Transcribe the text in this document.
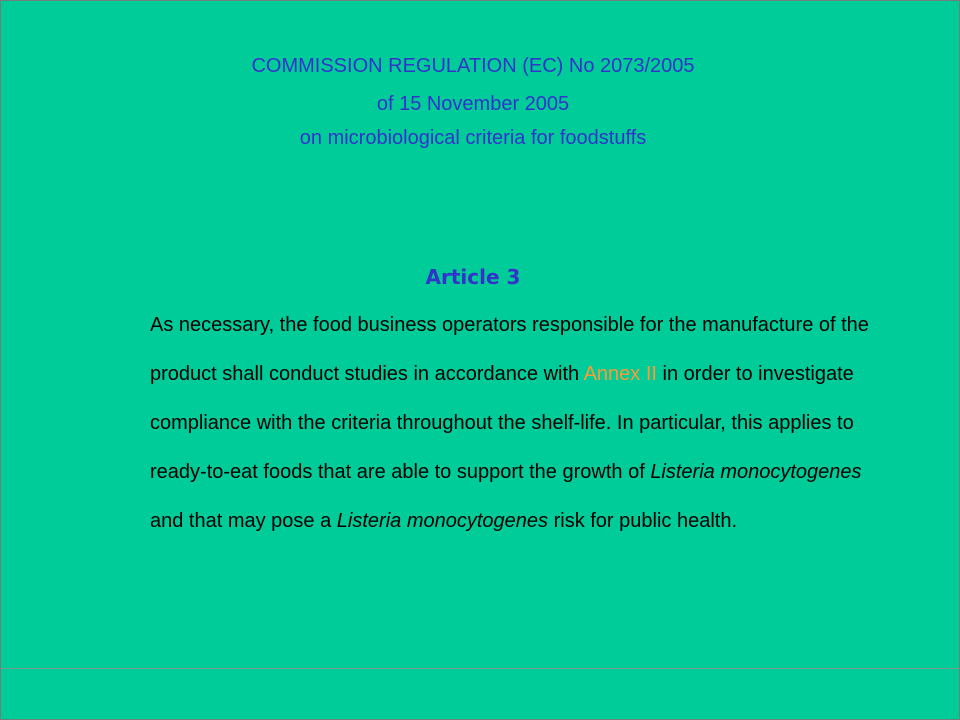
COMMISSION REGULATION (EC) No 2073/2005

of 15 November 2005

on microbiological criteria for foodstuffs

Article 3

As necessary, the food business operators responsible for the manufacture of the product shall conduct studies in accordance with Annex II in order to investigate compliance with the criteria throughout the shelf-life. In particular, this applies to ready-to-eat foods that are able to support the growth of Listeria monocytogenes and that may pose a Listeria monocytogenes risk for public health.
